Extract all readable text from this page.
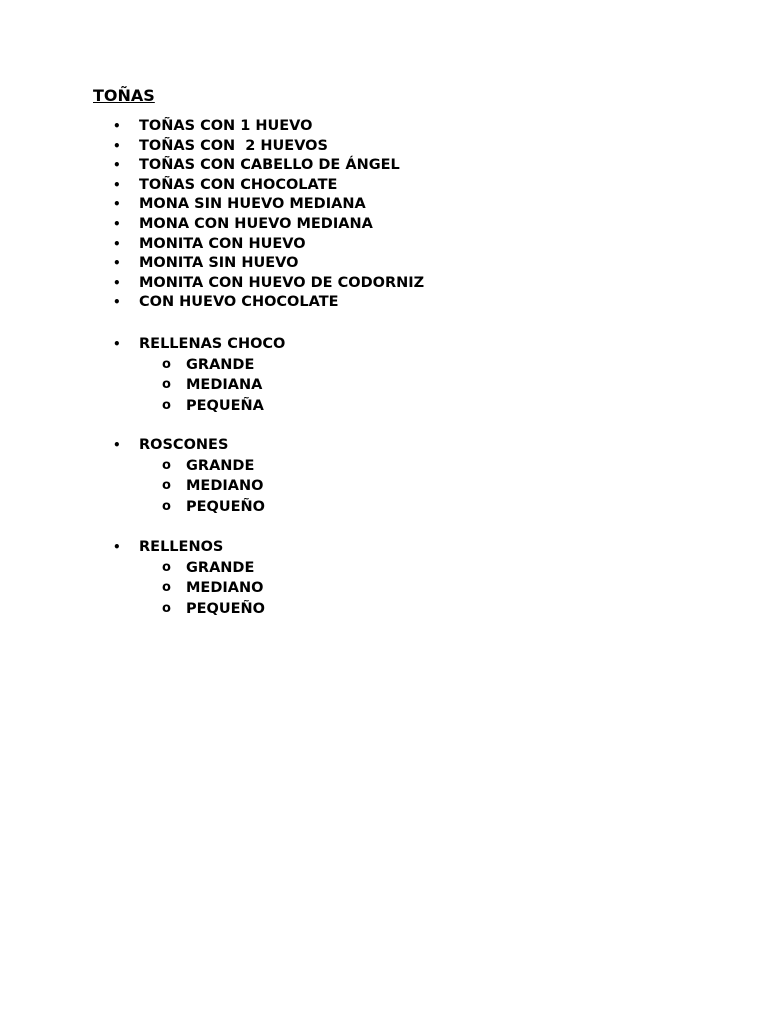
TOÑAS
• TOÑAS CON 1 HUEVO
• TOÑAS CON  2 HUEVOS
• TOÑAS CON CABELLO DE ÁNGEL
• TOÑAS CON CHOCOLATE
• MONA SIN HUEVO MEDIANA
• MONA CON HUEVO MEDIANA
• MONITA CON HUEVO
• MONITA SIN HUEVO
• MONITA CON HUEVO DE CODORNIZ
• CON HUEVO CHOCOLATE
• RELLENAS CHOCO
o GRANDE
o MEDIANA
o PEQUEÑA
• ROSCONES
o GRANDE
o MEDIANO
o PEQUEÑO
• RELLENOS
o GRANDE
o MEDIANO
o PEQUEÑO
